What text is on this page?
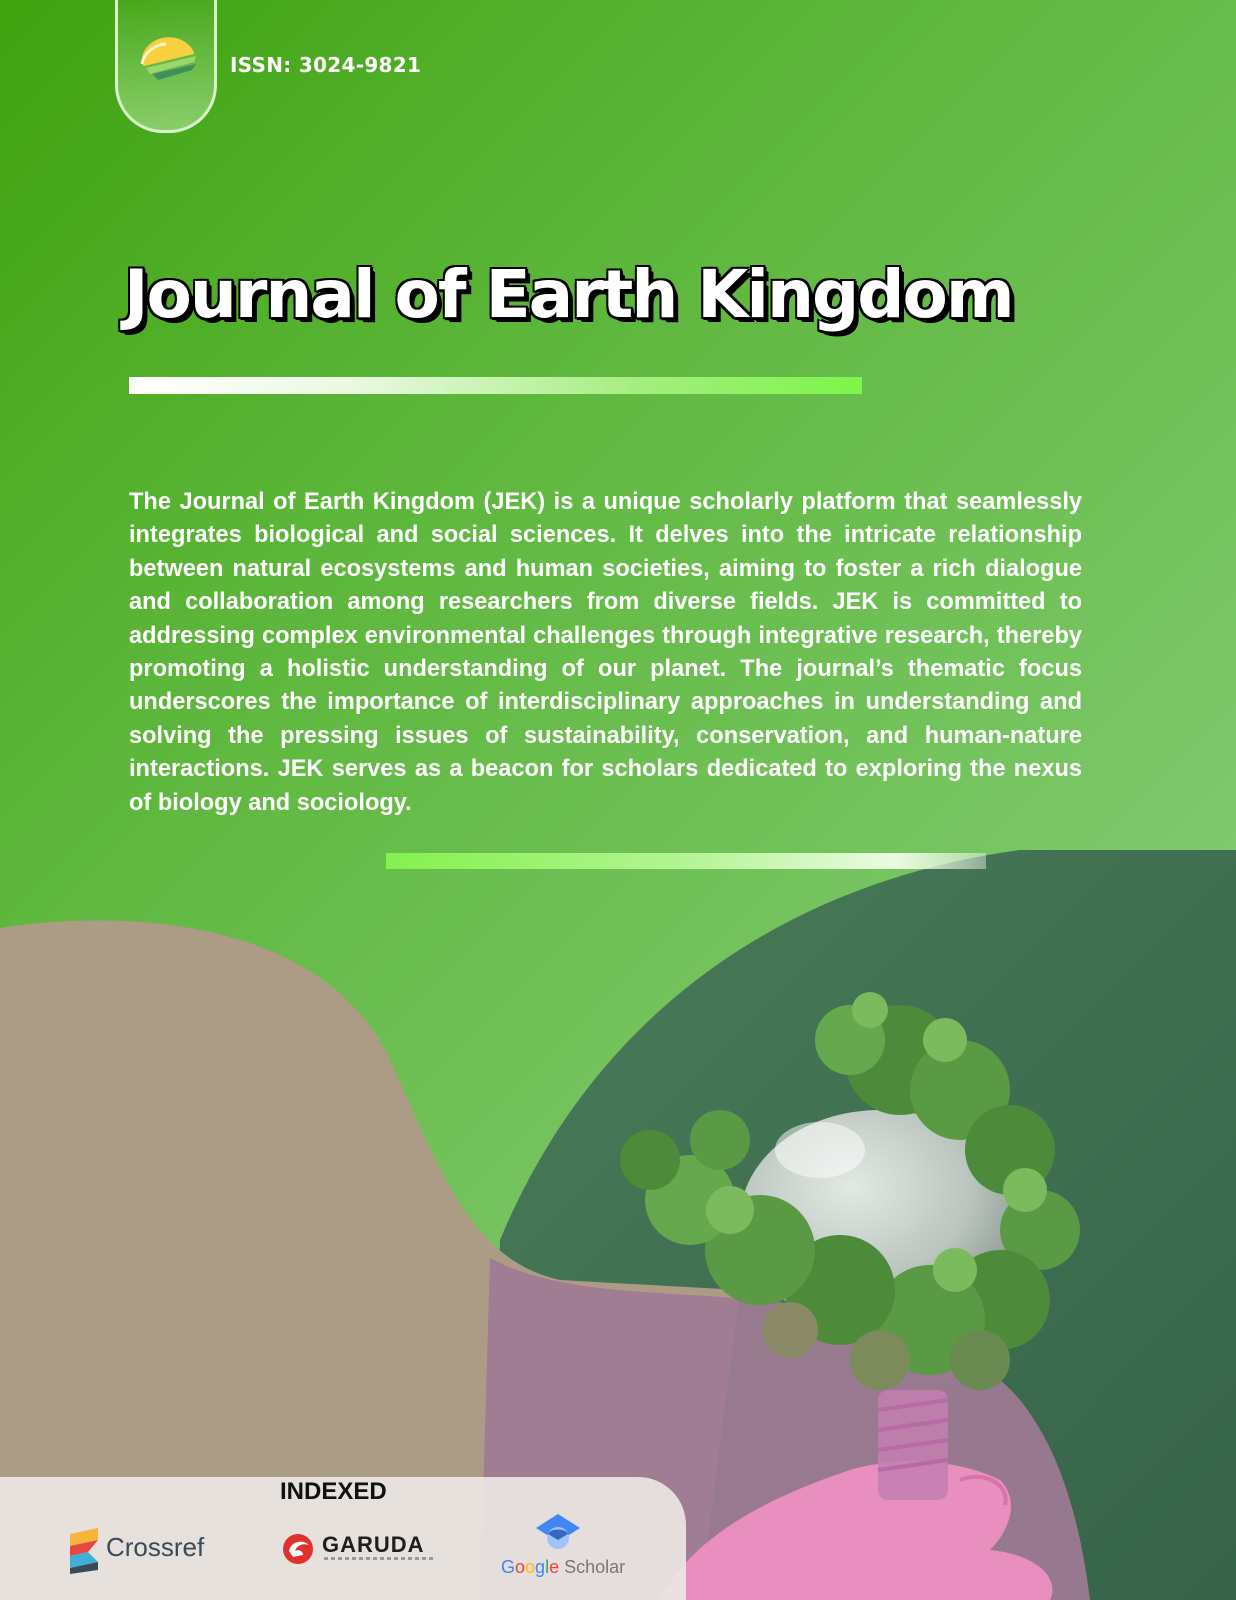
ISSN: 3024-9821
Journal of Earth Kingdom

The Journal of Earth Kingdom (JEK) is a unique scholarly platform that seamlessly integrates biological and social sciences. It delves into the intricate relationship between natural ecosystems and human societies, aiming to foster a rich dialogue and collaboration among researchers from diverse fields. JEK is committed to addressing complex environmental challenges through integrative research, thereby promoting a holistic understanding of our planet. The journal’s thematic focus underscores the importance of interdisciplinary approaches in understanding and solving the pressing issues of sustainability, conservation, and human-nature interactions. JEK serves as a beacon for scholars dedicated to exploring the nexus of biology and sociology.

INDEXED
Crossref	GARUDA
Google Scholar
